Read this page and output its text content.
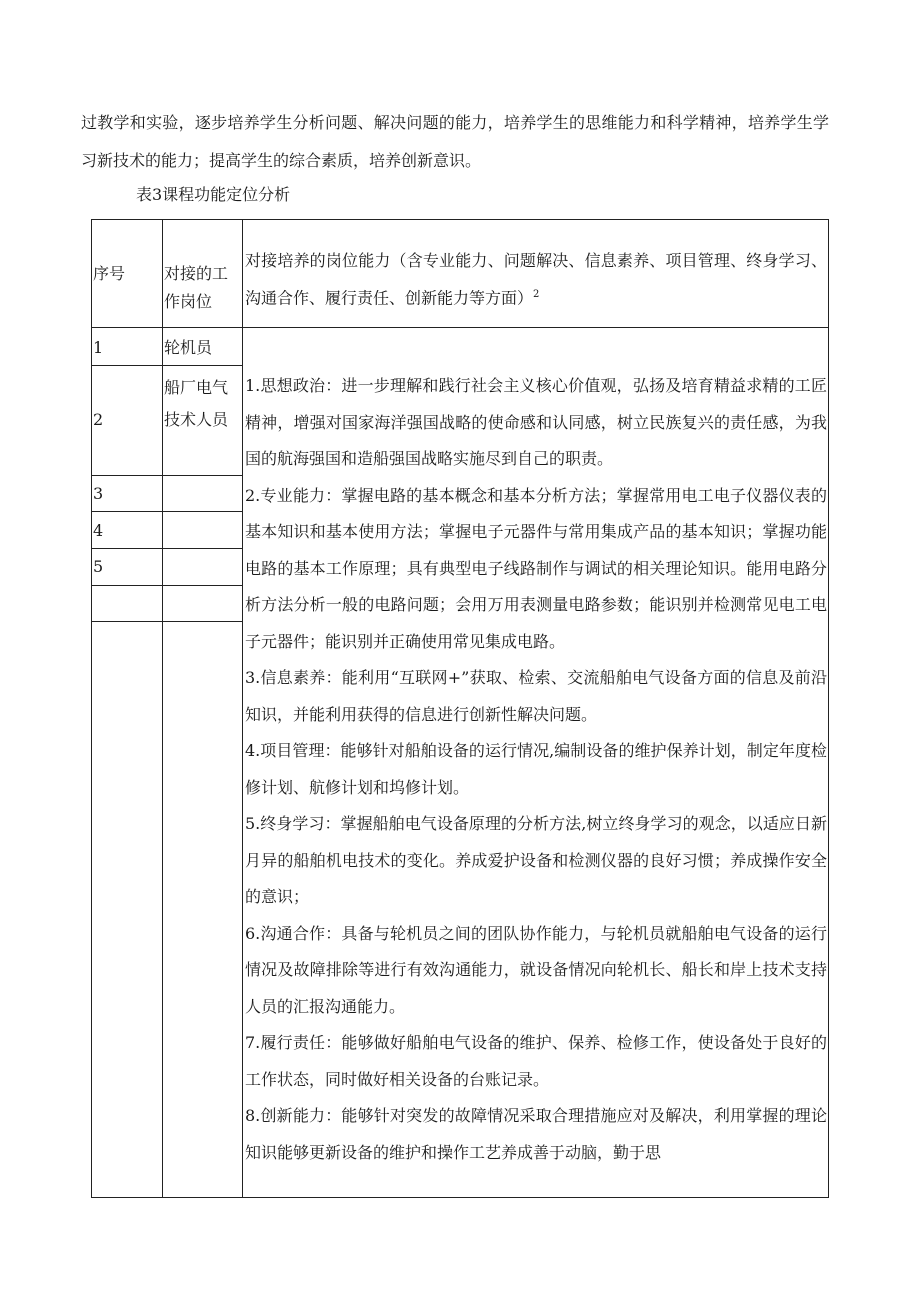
过教学和实验，逐步培养学生分析问题、解决问题的能力，培养学生的思维能力和科学精神，培养学生学习新技术的能力；提高学生的综合素质，培养创新意识。

表3课程功能定位分析

序号	对接的工作岗位

对接培养的岗位能力（含专业能力、问题解决、信息素养、项目管理、终身学习、沟通合作、履行责任、创新能力等方面）$^2$

1	轮机员

2

船厂电气技术人员

3

4

5

1.思想政治：进一步理解和践行社会主义核心价值观，弘扬及培育精益求精的工匠精神，增强对国家海洋强国战略的使命感和认同感，树立民族复兴的责任感，为我国的航海强国和造船强国战略实施尽到自己的职责。

2.专业能力：掌握电路的基本概念和基本分析方法；掌握常用电工电子仪器仪表的基本知识和基本使用方法；掌握电子元器件与常用集成产品的基本知识；掌握功能电路的基本工作原理；具有典型电子线路制作与调试的相关理论知识。能用电路分析方法分析一般的电路问题；会用万用表测量电路参数；能识别并检测常见电工电子元器件；能识别并正确使用常见集成电路。

3.信息素养：能利用“互联网+”获取、检索、交流船舶电气设备方面的信息及前沿知识，并能利用获得的信息进行创新性解决问题。

4.项目管理：能够针对船舶设备的运行情况,编制设备的维护保养计划，制定年度检修计划、航修计划和坞修计划。

5.终身学习：掌握船舶电气设备原理的分析方法,树立终身学习的观念，以适应日新月异的船舶机电技术的变化。养成爱护设备和检测仪器的良好习惯；养成操作安全的意识；

6.沟通合作：具备与轮机员之间的团队协作能力，与轮机员就船舶电气设备的运行情况及故障排除等进行有效沟通能力，就设备情况向轮机长、船长和岸上技术支持人员的汇报沟通能力。

7.履行责任：能够做好船舶电气设备的维护、保养、检修工作，使设备处于良好的工作状态，同时做好相关设备的台账记录。

8.创新能力：能够针对突发的故障情况采取合理措施应对及解决，利用掌握的理论知识能够更新设备的维护和操作工艺养成善于动脑，勤于思
